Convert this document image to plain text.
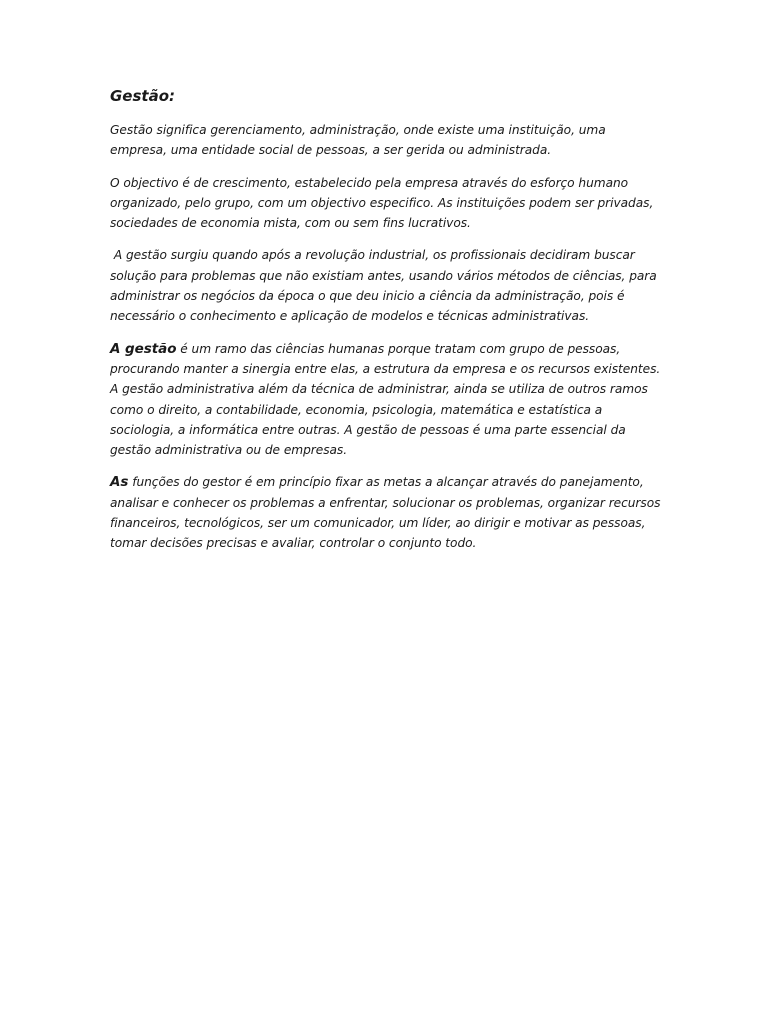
Gestão:

Gestão significa gerenciamento, administração, onde existe uma instituição, uma empresa, uma entidade social de pessoas, a ser gerida ou administrada.

O objectivo é de crescimento, estabelecido pela empresa através do esforço humano organizado, pelo grupo, com um objectivo especifico. As instituições podem ser privadas, sociedades de economia mista, com ou sem fins lucrativos.

A gestão surgiu quando após a revolução industrial, os profissionais decidiram buscar solução para problemas que não existiam antes, usando vários métodos de ciências, para administrar os negócios da época o que deu inicio a ciência da administração, pois é necessário o conhecimento e aplicação de modelos e técnicas administrativas.

A gestão é um ramo das ciências humanas porque tratam com grupo de pessoas, procurando manter a sinergia entre elas, a estrutura da empresa e os recursos existentes. A gestão administrativa além da técnica de administrar, ainda se utiliza de outros ramos como o direito, a contabilidade, economia, psicologia, matemática e estatística a sociologia, a informática entre outras. A gestão de pessoas é uma parte essencial da gestão administrativa ou de empresas.

As funções do gestor é em princípio fixar as metas a alcançar através do panejamento, analisar e conhecer os problemas a enfrentar, solucionar os problemas, organizar recursos financeiros, tecnológicos, ser um comunicador, um líder, ao dirigir e motivar as pessoas, tomar decisões precisas e avaliar, controlar o conjunto todo.
